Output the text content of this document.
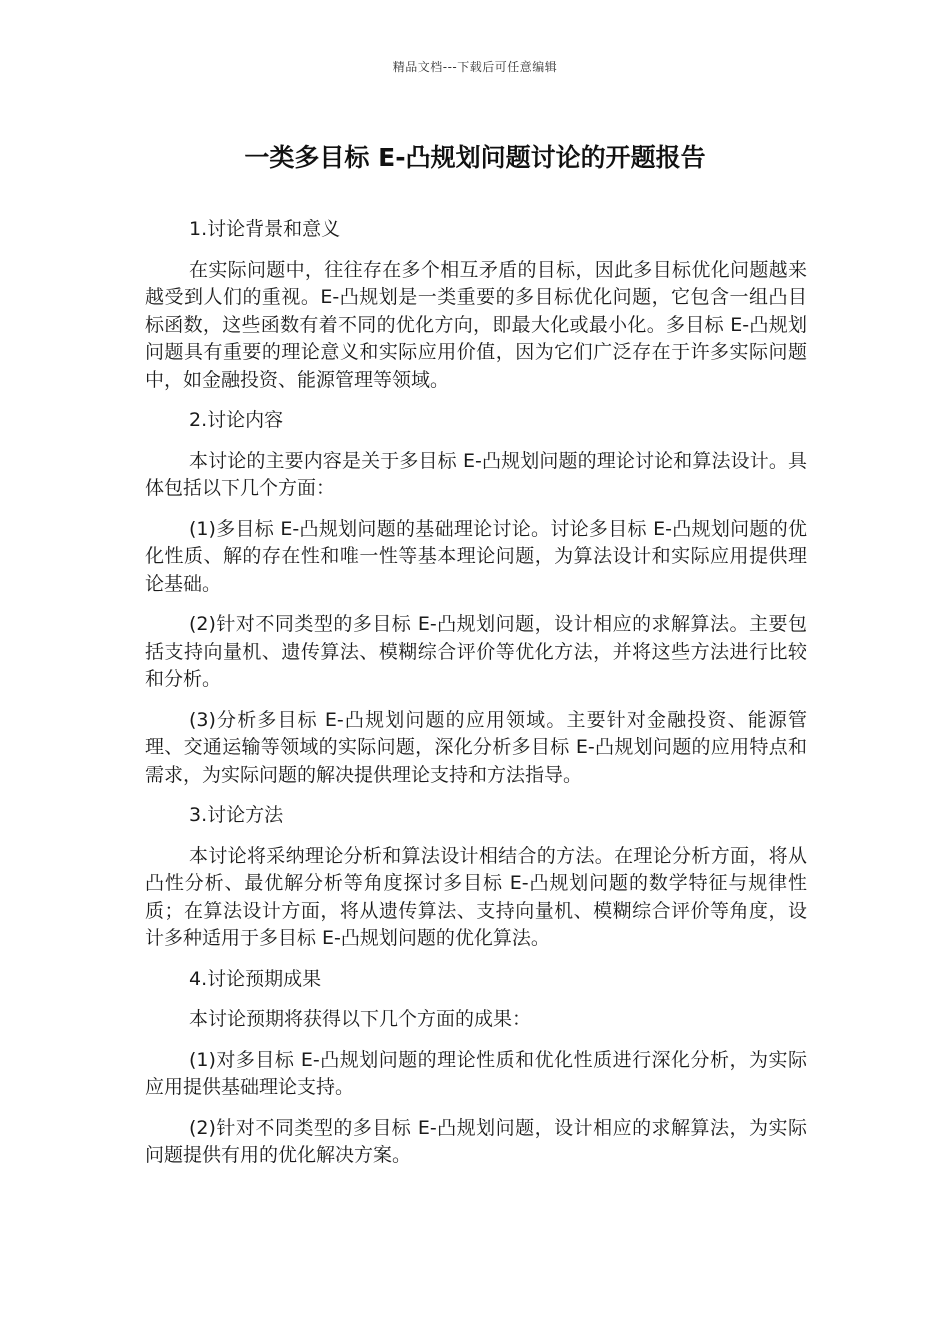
精品文档---下载后可任意编辑
一类多目标 E-凸规划问题讨论的开题报告

1.讨论背景和意义

在实际问题中，往往存在多个相互矛盾的目标，因此多目标优化问题越来越受到人们的重视。E-凸规划是一类重要的多目标优化问题，它包含一组凸目标函数，这些函数有着不同的优化方向，即最大化或最小化。多目标 E-凸规划问题具有重要的理论意义和实际应用价值，因为它们广泛存在于许多实际问题中，如金融投资、能源管理等领域。

2.讨论内容

本讨论的主要内容是关于多目标 E-凸规划问题的理论讨论和算法设计。具体包括以下几个方面：

(1)多目标 E-凸规划问题的基础理论讨论。讨论多目标 E-凸规划问题的优化性质、解的存在性和唯一性等基本理论问题，为算法设计和实际应用提供理论基础。

(2)针对不同类型的多目标 E-凸规划问题，设计相应的求解算法。主要包括支持向量机、遗传算法、模糊综合评价等优化方法，并将这些方法进行比较和分析。

(3)分析多目标 E-凸规划问题的应用领域。主要针对金融投资、能源管理、交通运输等领域的实际问题，深化分析多目标 E-凸规划问题的应用特点和需求，为实际问题的解决提供理论支持和方法指导。

3.讨论方法

本讨论将采纳理论分析和算法设计相结合的方法。在理论分析方面，将从凸性分析、最优解分析等角度探讨多目标 E-凸规划问题的数学特征与规律性质；在算法设计方面，将从遗传算法、支持向量机、模糊综合评价等角度，设计多种适用于多目标 E-凸规划问题的优化算法。

4.讨论预期成果

本讨论预期将获得以下几个方面的成果：

(1)对多目标 E-凸规划问题的理论性质和优化性质进行深化分析，为实际应用提供基础理论支持。

(2)针对不同类型的多目标 E-凸规划问题，设计相应的求解算法，为实际问题提供有用的优化解决方案。
